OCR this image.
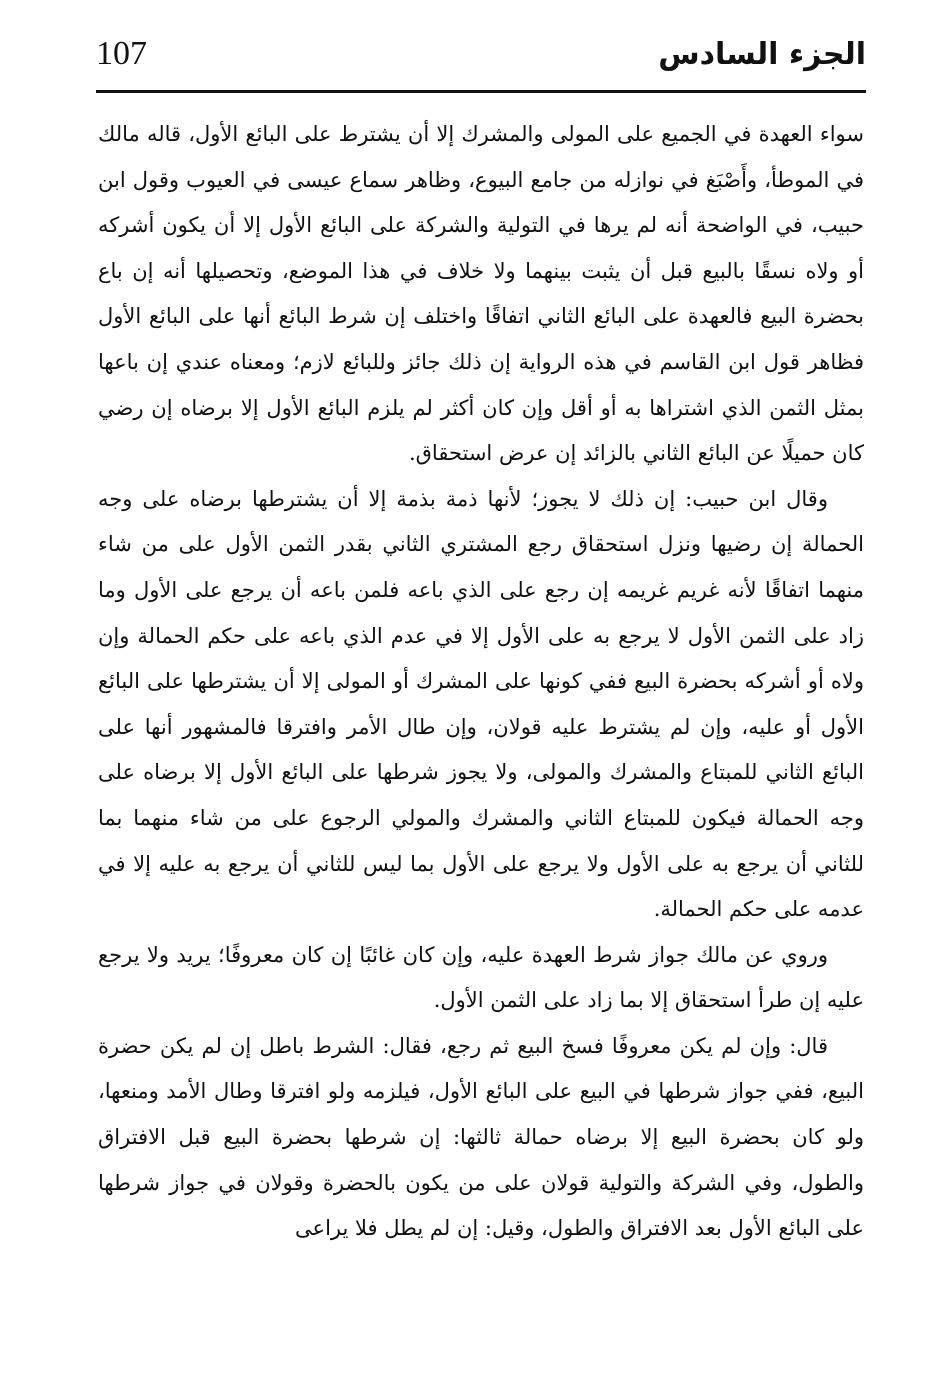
107	الجزء السادس

سواء العهدة في الجميع على المولى والمشرك إلا أن يشترط على البائع الأول، قاله مالك في الموطأ، وأَصْبَغ في نوازله من جامع البيوع، وظاهر سماع عيسى في العيوب وقول ابن حبيب، في الواضحة أنه لم يرها في التولية والشركة على البائع الأول إلا أن يكون أشركه أو ولاه نسقًا بالبيع قبل أن يثبت بينهما ولا خلاف في هذا الموضع، وتحصيلها أنه إن باع بحضرة البيع فالعهدة على البائع الثاني اتفاقًا واختلف إن شرط البائع أنها على البائع الأول فظاهر قول ابن القاسم في هذه الرواية إن ذلك جائز وللبائع لازم؛ ومعناه عندي إن باعها بمثل الثمن الذي اشتراها به أو أقل وإن كان أكثر لم يلزم البائع الأول إلا برضاه إن رضي كان حميلًا عن البائع الثاني بالزائد إن عرض استحقاق.

وقال ابن حبيب: إن ذلك لا يجوز؛ لأنها ذمة بذمة إلا أن يشترطها برضاه على وجه الحمالة إن رضيها ونزل استحقاق رجع المشتري الثاني بقدر الثمن الأول على من شاء منهما اتفاقًا لأنه غريم غريمه إن رجع على الذي باعه فلمن باعه أن يرجع على الأول وما زاد على الثمن الأول لا يرجع به على الأول إلا في عدم الذي باعه على حكم الحمالة وإن ولاه أو أشركه بحضرة البيع ففي كونها على المشرك أو المولى إلا أن يشترطها على البائع الأول أو عليه، وإن لم يشترط عليه قولان، وإن طال الأمر وافترقا فالمشهور أنها على البائع الثاني للمبتاع والمشرك والمولى، ولا يجوز شرطها على البائع الأول إلا برضاه على وجه الحمالة فيكون للمبتاع الثاني والمشرك والمولي الرجوع على من شاء منهما بما للثاني أن يرجع به على الأول ولا يرجع على الأول بما ليس للثاني أن يرجع به عليه إلا في عدمه على حكم الحمالة.

وروي عن مالك جواز شرط العهدة عليه، وإن كان غائبًا إن كان معروفًا؛ يريد ولا يرجع عليه إن طرأ استحقاق إلا بما زاد على الثمن الأول.

قال: وإن لم يكن معروفًا فسخ البيع ثم رجع، فقال: الشرط باطل إن لم يكن حضرة البيع، ففي جواز شرطها في البيع على البائع الأول، فيلزمه ولو افترقا وطال الأمد ومنعها، ولو كان بحضرة البيع إلا برضاه حمالة ثالثها: إن شرطها بحضرة البيع قبل الافتراق والطول، وفي الشركة والتولية قولان على من يكون بالحضرة وقولان في جواز شرطها على البائع الأول بعد الافتراق والطول، وقيل: إن لم يطل فلا يراعى
